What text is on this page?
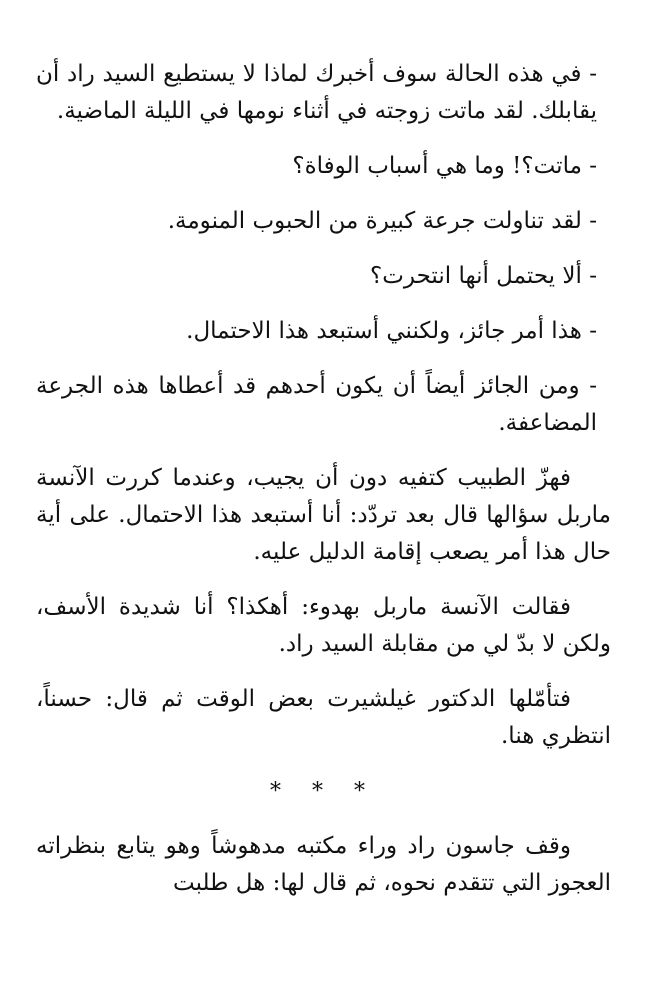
- في هذه الحالة سوف أخبرك لماذا لا يستطيع السيد راد أن يقابلك. لقد ماتت زوجته في أثناء نومها في الليلة الماضية.

- ماتت؟! وما هي أسباب الوفاة؟

- لقد تناولت جرعة كبيرة من الحبوب المنومة.

- ألا يحتمل أنها انتحرت؟

- هذا أمر جائز، ولكنني أستبعد هذا الاحتمال.

- ومن الجائز أيضاً أن يكون أحدهم قد أعطاها هذه الجرعة المضاعفة.

فهزّ الطبيب كتفيه دون أن يجيب، وعندما كررت الآنسة ماربل سؤالها قال بعد تردّد: أنا أستبعد هذا الاحتمال. على أية حال هذا أمر يصعب إقامة الدليل عليه.

فقالت الآنسة ماربل بهدوء: أهكذا؟ أنا شديدة الأسف، ولكن لا بدّ لي من مقابلة السيد راد.

فتأمّلها الدكتور غيلشيرت بعض الوقت ثم قال: حسناً، انتظري هنا.

* * *

وقف جاسون راد وراء مكتبه مدهوشاً وهو يتابع بنظراته العجوز التي تتقدم نحوه، ثم قال لها: هل طلبت
